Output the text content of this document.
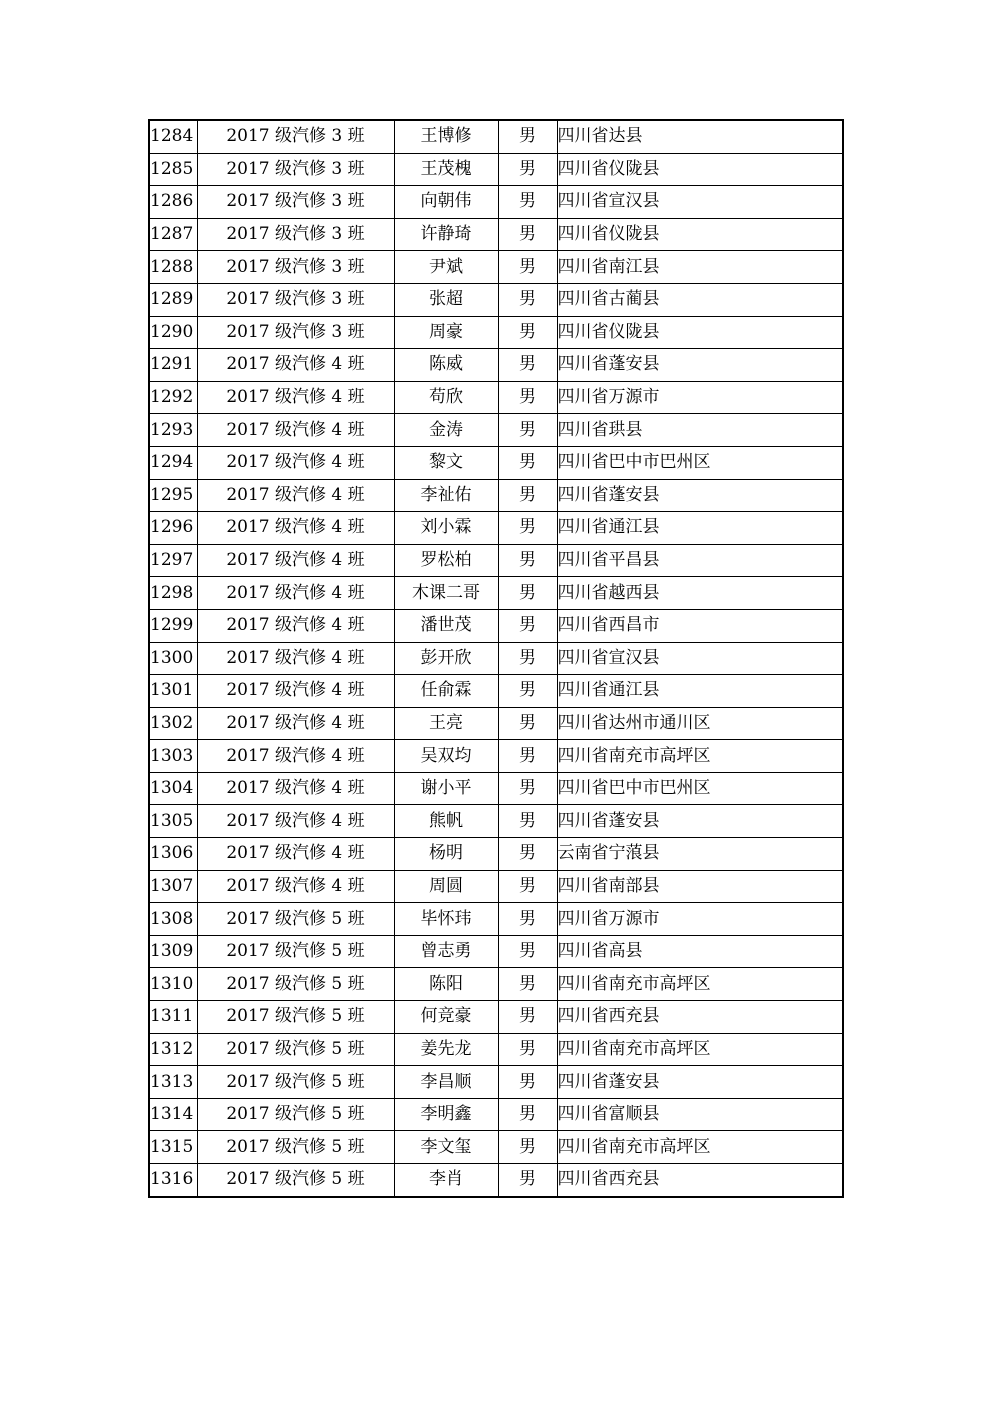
1284	2017 级汽修 3 班	王博修	男	四川省达县
1285	2017 级汽修 3 班	王茂槐	男	四川省仪陇县
1286	2017 级汽修 3 班	向朝伟	男	四川省宣汉县
1287	2017 级汽修 3 班	许静琦	男	四川省仪陇县
1288	2017 级汽修 3 班	尹斌	男	四川省南江县
1289	2017 级汽修 3 班	张超	男	四川省古蔺县
1290	2017 级汽修 3 班	周豪	男	四川省仪陇县
1291	2017 级汽修 4 班	陈威	男	四川省蓬安县
1292	2017 级汽修 4 班	苟欣	男	四川省万源市
1293	2017 级汽修 4 班	金涛	男	四川省珙县
1294	2017 级汽修 4 班	黎文	男	四川省巴中市巴州区
1295	2017 级汽修 4 班	李祉佑	男	四川省蓬安县
1296	2017 级汽修 4 班	刘小霖	男	四川省通江县
1297	2017 级汽修 4 班	罗松柏	男	四川省平昌县
1298	2017 级汽修 4 班	木课二哥	男	四川省越西县
1299	2017 级汽修 4 班	潘世茂	男	四川省西昌市
1300	2017 级汽修 4 班	彭开欣	男	四川省宣汉县
1301	2017 级汽修 4 班	任俞霖	男	四川省通江县
1302	2017 级汽修 4 班	王亮	男	四川省达州市通川区
1303	2017 级汽修 4 班	吴双均	男	四川省南充市高坪区
1304	2017 级汽修 4 班	谢小平	男	四川省巴中市巴州区
1305	2017 级汽修 4 班	熊帆	男	四川省蓬安县
1306	2017 级汽修 4 班	杨明	男	云南省宁蒗县
1307	2017 级汽修 4 班	周圆	男	四川省南部县
1308	2017 级汽修 5 班	毕怀玮	男	四川省万源市
1309	2017 级汽修 5 班	曾志勇	男	四川省高县
1310	2017 级汽修 5 班	陈阳	男	四川省南充市高坪区
1311	2017 级汽修 5 班	何竞豪	男	四川省西充县
1312	2017 级汽修 5 班	姜先龙	男	四川省南充市高坪区
1313	2017 级汽修 5 班	李昌顺	男	四川省蓬安县
1314	2017 级汽修 5 班	李明鑫	男	四川省富顺县
1315	2017 级汽修 5 班	李文玺	男	四川省南充市高坪区
1316	2017 级汽修 5 班	李肖	男	四川省西充县
